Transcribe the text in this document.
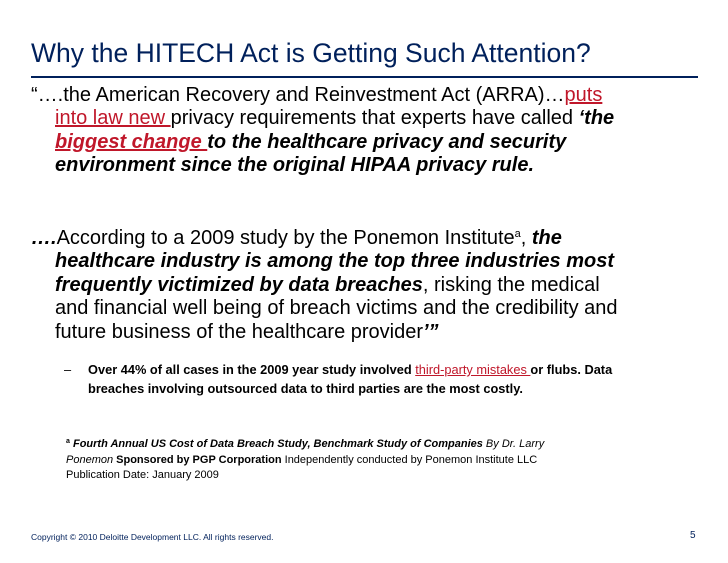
Why the HITECH Act is Getting Such Attention?
“….the American Recovery and Reinvestment Act (ARRA)…puts
into law new privacy requirements that experts have called ‘the
biggest change to the healthcare privacy and security
environment since the original HIPAA privacy rule.
….According to a 2009 study by the Ponemon Institute$^a$, the
healthcare industry is among the top three industries most
frequently victimized by data breaches, risking the medical
and financial well being of breach victims and the credibility and
future business of the healthcare provider’”
–	Over 44% of all cases in the 2009 year study involved third-party mistakes or flubs. Data
breaches involving outsourced data to third parties are the most costly.
$^a$ Fourth Annual US Cost of Data Breach Study, Benchmark Study of Companies By Dr. Larry
Ponemon Sponsored by PGP Corporation Independently conducted by Ponemon Institute LLC
Publication Date: January 2009
Copyright © 2010 Deloitte Development LLC. All rights reserved.	5
